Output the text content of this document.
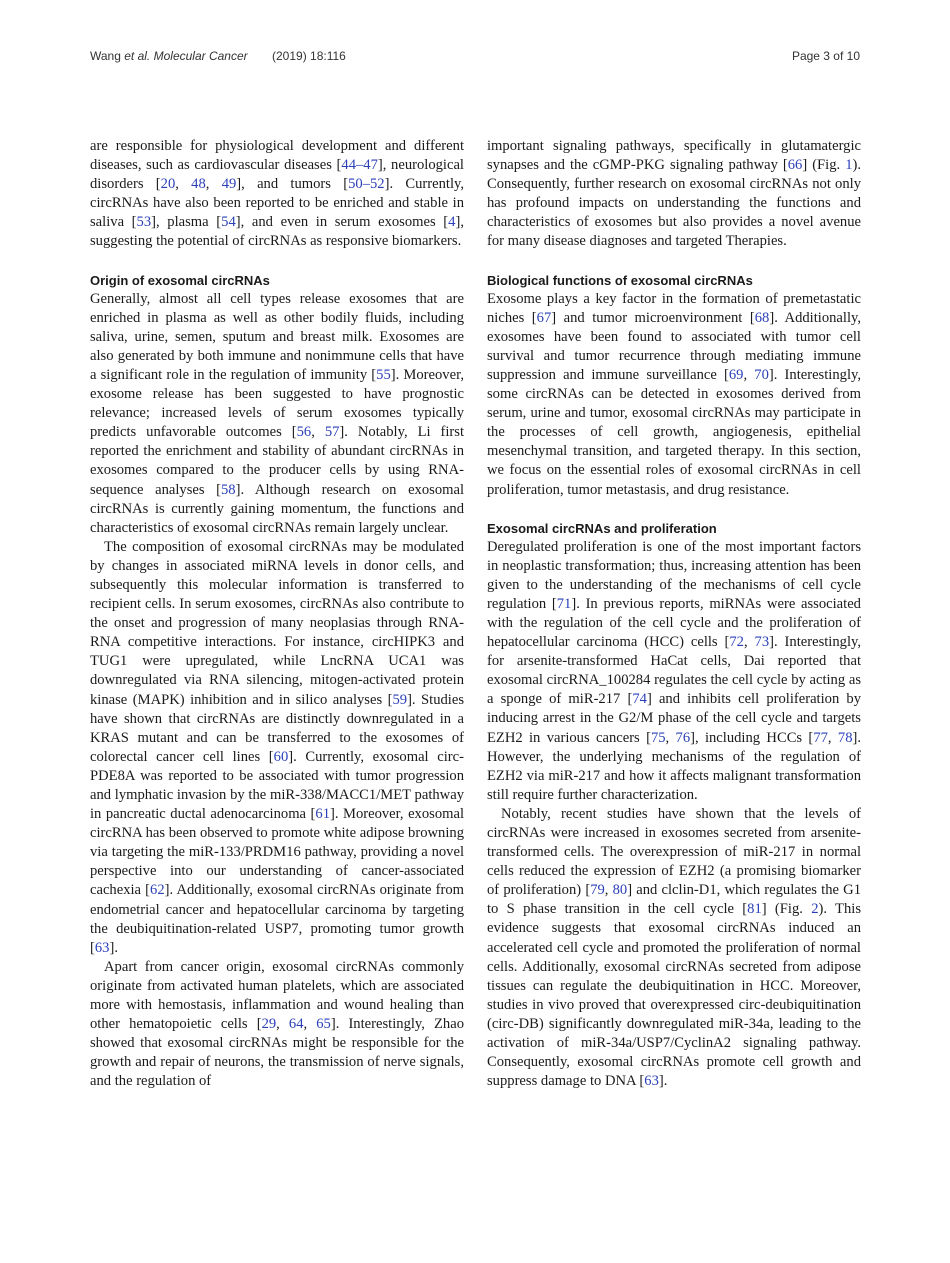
Wang et al. Molecular Cancer (2019) 18:116	Page 3 of 10

are responsible for physiological development and different diseases, such as cardiovascular diseases [44–47], neurological disorders [20, 48, 49], and tumors [50–52]. Currently, circRNAs have also been reported to be enriched and stable in saliva [53], plasma [54], and even in serum exosomes [4], suggesting the potential of circRNAs as responsive biomarkers.

Origin of exosomal circRNAs

Generally, almost all cell types release exosomes that are enriched in plasma as well as other bodily fluids, including saliva, urine, semen, sputum and breast milk. Exosomes are also generated by both immune and nonimmune cells that have a significant role in the regulation of immunity [55]. Moreover, exosome release has been suggested to have prognostic relevance; increased levels of serum exosomes typically predicts unfavorable outcomes [56, 57]. Notably, Li first reported the enrichment and stability of abundant circRNAs in exosomes compared to the producer cells by using RNA-sequence analyses [58]. Although research on exosomal circRNAs is currently gaining momentum, the functions and characteristics of exosomal circRNAs remain largely unclear.

The composition of exosomal circRNAs may be modulated by changes in associated miRNA levels in donor cells, and subsequently this molecular information is transferred to recipient cells. In serum exosomes, circRNAs also contribute to the onset and progression of many neoplasias through RNA-RNA competitive interactions. For instance, circHIPK3 and TUG1 were upregulated, while LncRNA UCA1 was downregulated via RNA silencing, mitogen-activated protein kinase (MAPK) inhibition and in silico analyses [59]. Studies have shown that circRNAs are distinctly downregulated in a KRAS mutant and can be transferred to the exosomes of colorectal cancer cell lines [60]. Currently, exosomal circ-PDE8A was reported to be associated with tumor progression and lymphatic invasion by the miR-338/MACC1/MET pathway in pancreatic ductal adenocarcinoma [61]. Moreover, exosomal circRNA has been observed to promote white adipose browning via targeting the miR-133/PRDM16 pathway, providing a novel perspective into our understanding of cancer-associated cachexia [62]. Additionally, exosomal circRNAs originate from endometrial cancer and hepatocellular carcinoma by targeting the deubiquitination-related USP7, promoting tumor growth [63].

Apart from cancer origin, exosomal circRNAs commonly originate from activated human platelets, which are associated more with hemostasis, inflammation and wound healing than other hematopoietic cells [29, 64, 65]. Interestingly, Zhao showed that exosomal circRNAs might be responsible for the growth and repair of neurons, the transmission of nerve signals, and the regulation of

important signaling pathways, specifically in glutamatergic synapses and the cGMP-PKG signaling pathway [66] (Fig. 1). Consequently, further research on exosomal circRNAs not only has profound impacts on understanding the functions and characteristics of exosomes but also provides a novel avenue for many disease diagnoses and targeted Therapies.

Biological functions of exosomal circRNAs

Exosome plays a key factor in the formation of premetastatic niches [67] and tumor microenvironment [68]. Additionally, exosomes have been found to associated with tumor cell survival and tumor recurrence through mediating immune suppression and immune surveillance [69, 70]. Interestingly, some circRNAs can be detected in exosomes derived from serum, urine and tumor, exosomal circRNAs may participate in the processes of cell growth, angiogenesis, epithelial mesenchymal transition, and targeted therapy. In this section, we focus on the essential roles of exosomal circRNAs in cell proliferation, tumor metastasis, and drug resistance.

Exosomal circRNAs and proliferation

Deregulated proliferation is one of the most important factors in neoplastic transformation; thus, increasing attention has been given to the understanding of the mechanisms of cell cycle regulation [71]. In previous reports, miRNAs were associated with the regulation of the cell cycle and the proliferation of hepatocellular carcinoma (HCC) cells [72, 73]. Interestingly, for arsenite-transformed HaCat cells, Dai reported that exosomal circRNA_100284 regulates the cell cycle by acting as a sponge of miR-217 [74] and inhibits cell proliferation by inducing arrest in the G2/M phase of the cell cycle and targets EZH2 in various cancers [75, 76], including HCCs [77, 78]. However, the underlying mechanisms of the regulation of EZH2 via miR-217 and how it affects malignant transformation still require further characterization.

Notably, recent studies have shown that the levels of circRNAs were increased in exosomes secreted from arsenite-transformed cells. The overexpression of miR-217 in normal cells reduced the expression of EZH2 (a promising biomarker of proliferation) [79, 80] and clclin-D1, which regulates the G1 to S phase transition in the cell cycle [81] (Fig. 2). This evidence suggests that exosomal circRNAs induced an accelerated cell cycle and promoted the proliferation of normal cells. Additionally, exosomal circRNAs secreted from adipose tissues can regulate the deubiquitination in HCC. Moreover, studies in vivo proved that overexpressed circ-deubiquitination (circ-DB) significantly downregulated miR-34a, leading to the activation of miR-34a/USP7/CyclinA2 signaling pathway. Consequently, exosomal circRNAs promote cell growth and suppress damage to DNA [63].
